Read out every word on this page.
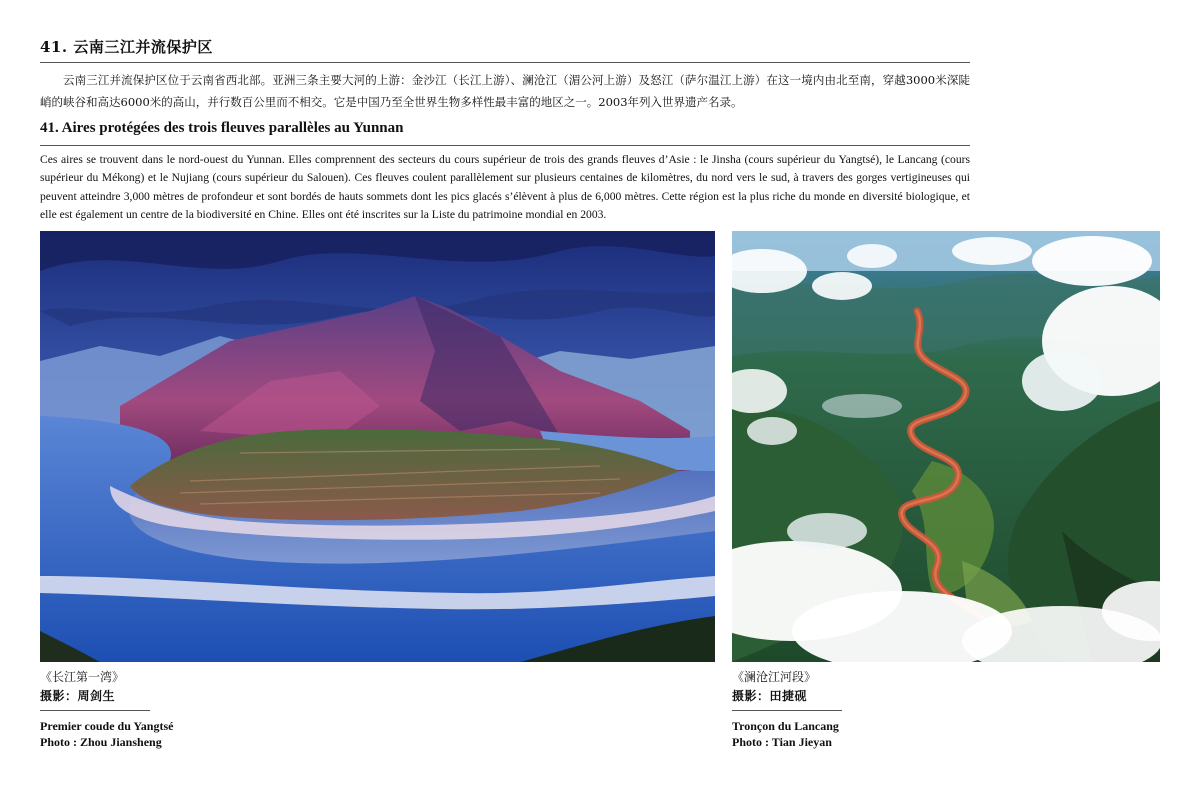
41. 云南三江并流保护区

云南三江并流保护区位于云南省西北部。亚洲三条主要大河的上游：金沙江（长江上游）、澜沧江（湄公河上游）及怒江（萨尔温江上游）在这一境内由北至南，穿越3000米深陡峭的峡谷和高达6000米的高山，并行数百公里而不相交。它是中国乃至全世界生物多样性最丰富的地区之一。2003年列入世界遗产名录。

41. Aires protégées des trois fleuves parallèles au Yunnan

Ces aires se trouvent dans le nord-ouest du Yunnan. Elles comprennent des secteurs du cours supérieur de trois des grands fleuves d’Asie : le Jinsha (cours supérieur du Yangtsé), le Lancang (cours supérieur du Mékong) et le Nujiang (cours supérieur du Salouen). Ces fleuves coulent parallèlement sur plusieurs centaines de kilomètres, du nord vers le sud, à travers des gorges vertigineuses qui peuvent atteindre 3,000 mètres de profondeur et sont bordés de hauts sommets dont les pics glacés s’élèvent à plus de 6,000 mètres. Cette région est la plus riche du monde en diversité biologique, et elle est également un centre de la biodiversité en Chine. Elles ont été inscrites sur la Liste du patrimoine mondial en 2003.

《长江第一湾》
摄影：周剑生
Premier coude du Yangtsé
Photo : Zhou Jiansheng
《澜沧江河段》
摄影：田捷砚
Tronçon du Lancang
Photo : Tian Jieyan
